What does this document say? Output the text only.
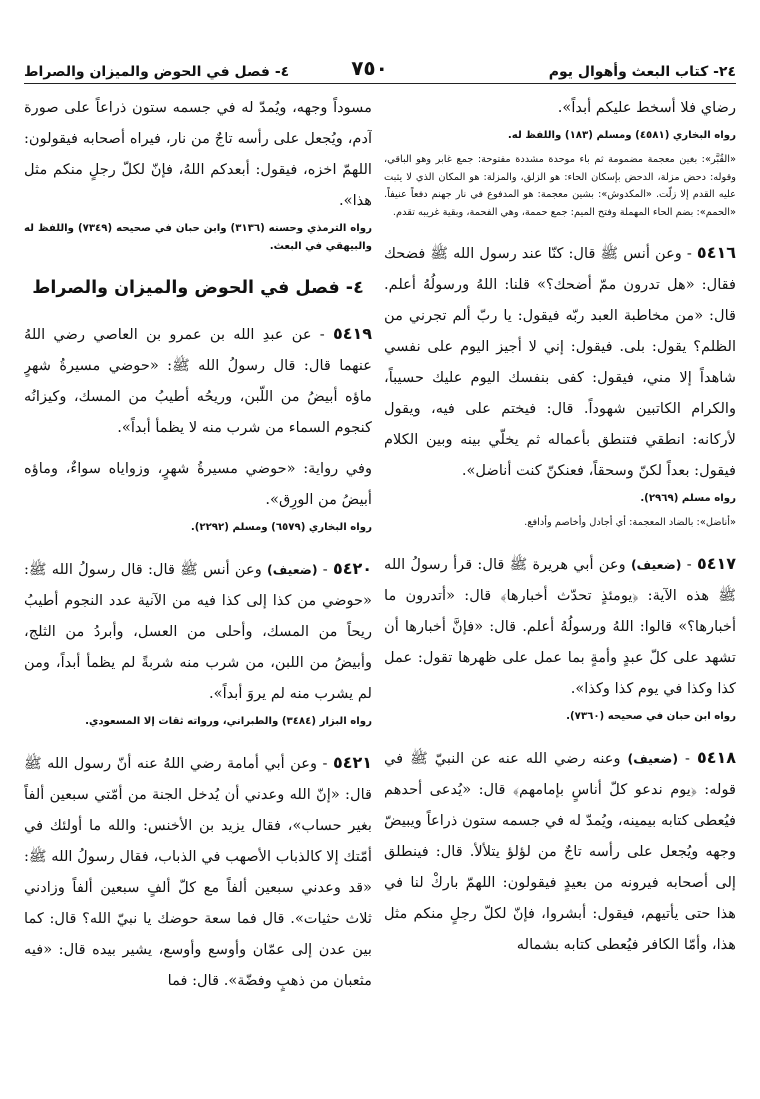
٧٥٠
٤- فصل في الحوض والميزان والصراط	٢٤- كتاب البعث وأهوال يوم

رضاي فلا أسخط عليكم أبداً».

رواه البخاري (٤٥٨١) ومسلم (١٨٣) واللفظ له.

«القُبَّر»: بغين معجمة مضمومة ثم باء موحدة مشددة مفتوحة: جمع غابر وهو الباقي، وقوله: دحض مزلة، الدحض بإسكان الحاء: هو الزلق، والمزلة: هو المكان الذي لا يثبت عليه القدم إلا زلّت. «المكدوش»: بشين معجمة: هو المدفوع في نار جهنم دفعاً عنيفاً. «الحمم»: بضم الحاء المهملة وفتح الميم: جمع حممة، وهي الفحمة، وبقية غريبه تقدم.

٥٤١٦ - وعن أنس ﷺ قال: كنّا عند رسول الله ﷺ فضحك فقال: «هل تدرون ممّ أضحك؟» قلنا: اللهُ ورسولُهُ أعلم. قال: «من مخاطبة العبد ربّه فيقول: يا ربّ ألم تجرني من الظلم؟ يقول: بلى. فيقول: إني لا أجيز اليوم على نفسي شاهداً إلا مني، فيقول: كفى بنفسك اليوم عليك حسيباً، والكرام الكاتبين شهوداً. قال: فيختم على فيه، ويقول لأركانه: انطقي فتنطق بأعماله ثم يخلّي بينه وبين الكلام فيقول: بعداً لكنّ وسحقاً، فعنكنّ كنت أناضل».

رواه مسلم (٢٩٦٩).

«أناضل»: بالضاد المعجمة: أي أجادل وأخاصم وأدافع.

٥٤١٧ - (ضعيف) وعن أبي هريرة ﷺ قال: قرأ رسولُ الله ﷺ هذه الآية: ﴿يومئذٍ تحدّث أخبارها﴾ قال: «أتدرون ما أخبارها؟» قالوا: اللهُ ورسولُهُ أعلم. قال: «فإنَّ أخبارها أن تشهد على كلّ عبدٍ وأمةٍ بما عمل على ظهرها تقول: عمل كذا وكذا في يوم كذا وكذا».

رواه ابن حبان في صحيحه (٧٣٦٠).

٥٤١٨ - (ضعيف) وعنه رضي الله عنه عن النبيّ ﷺ في قوله: ﴿يوم ندعو كلّ أناسٍ بإمامهم﴾ قال: «يُدعى أحدهم فيُعطى كتابه بيمينه، ويُمدّ له في جسمه ستون ذراعاً ويبيضّ وجهه ويُجعل على رأسه تاجٌ من لؤلؤ يتلألأ. قال: فينطلق إلى أصحابه فيرونه من بعيدٍ فيقولون: اللهمّ باركْ لنا في هذا حتى يأتيهم، فيقول: أبشروا، فإنّ لكلّ رجلٍ منكم مثل هذا، وأمّا الكافر فيُعطى كتابه بشماله

مسوداً وجهه، ويُمدّ له في جسمه ستون ذراعاً على صورة آدم، ويُجعل على رأسه تاجٌ من نار، فيراه أصحابه فيقولون: اللهمّ اخزه، فيقول: أبعدكم اللهُ، فإنّ لكلّ رجلٍ منكم مثل هذا».

رواه الترمذي وحسنه (٣١٣٦) وابن حبان في صحيحه (٧٣٤٩) واللفظ له والبيهقي في البعث.

٤- فصل في الحوض والميزان والصراط

٥٤١٩ - عن عبدِ الله بن عمرو بن العاصي رضي اللهُ عنهما قال: قال رسولُ الله ﷺ: «حوضي مسيرةُ شهرٍ ماؤه أبيضُ من اللّبن، وريحُه أطيبُ من المسك، وكيزانُه كنجوم السماء من شرب منه لا يظمأ أبداً».

وفي رواية: «حوضي مسيرةُ شهرٍ، وزواياه سواءٌ، وماؤه أبيضُ من الورِق».

رواه البخاري (٦٥٧٩) ومسلم (٢٢٩٢).

٥٤٢٠ - (ضعيف) وعن أنس ﷺ قال: قال رسولُ الله ﷺ: «حوضي من كذا إلى كذا فيه من الآنية عدد النجوم أطيبُ ريحاً من المسك، وأحلى من العسل، وأبردُ من الثلج، وأبيضُ من اللبن، من شرب منه شربةً لم يظمأ أبداً، ومن لم يشرب منه لم يروَ أبداً».

رواه البزار (٣٤٨٤) والطبراني، ورواته ثقات إلا المسعودي.

٥٤٢١ - وعن أبي أمامة رضي اللهُ عنه أنّ رسول الله ﷺ قال: «إنّ الله وعدني أن يُدخل الجنة من أمّتي سبعين ألفاً بغير حساب»، فقال يزيد بن الأخنس: والله ما أولئك في أمّتك إلا كالذباب الأصهب في الذباب، فقال رسولُ الله ﷺ: «قد وعدني سبعين ألفاً مع كلّ ألفٍ سبعين ألفاً وزادني ثلاث حثيات». قال فما سعة حوضك يا نبيّ الله؟ قال: كما بين عدن إلى عمّان وأوسع وأوسع، يشير بيده قال: «فيه مثعبان من ذهبٍ وفضّة». قال: فما
